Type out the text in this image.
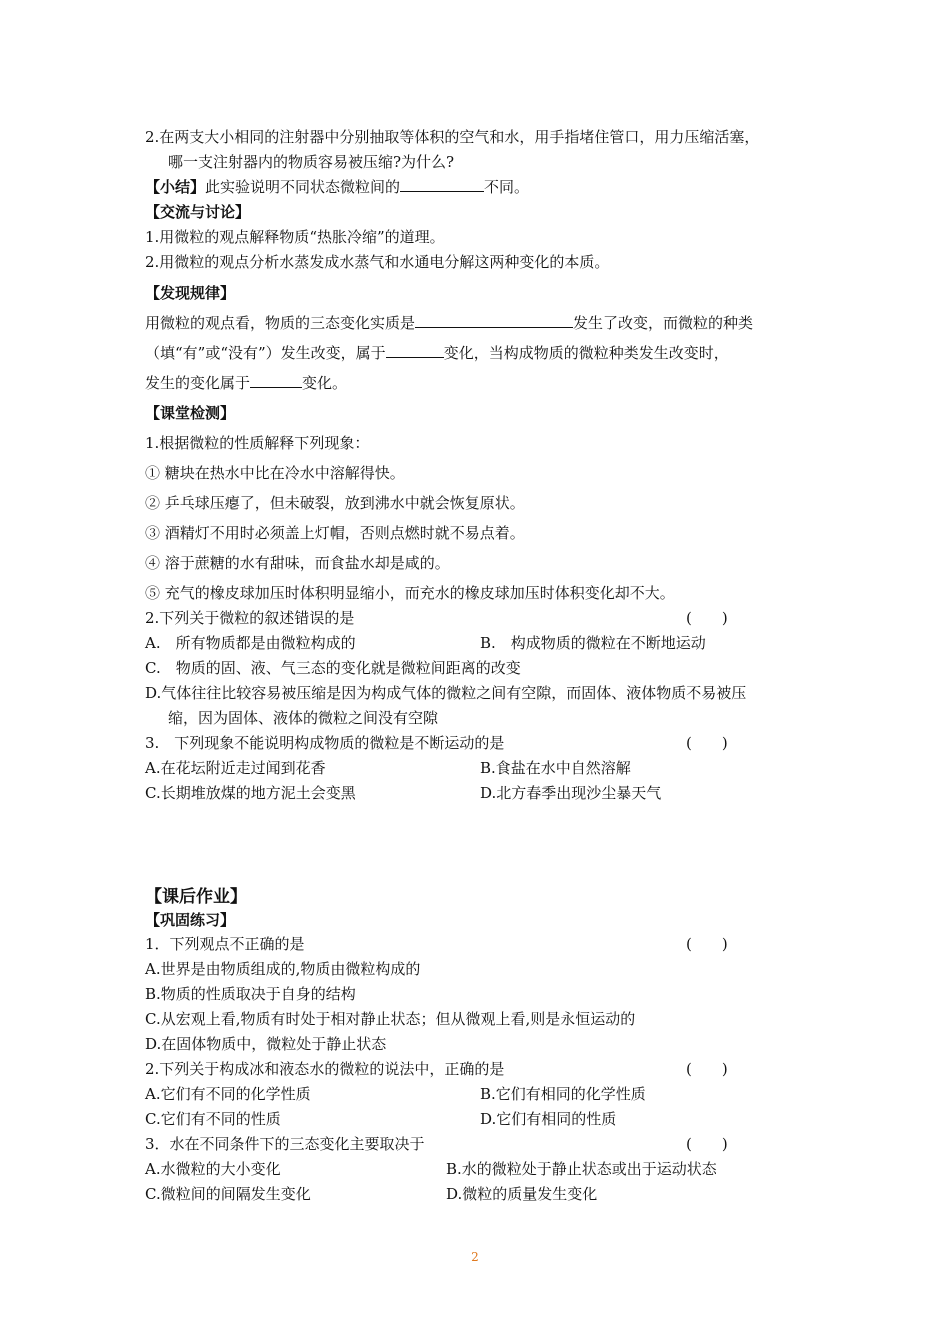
2.在两支大小相同的注射器中分别抽取等体积的空气和水，用手指堵住管口，用力压缩活塞，
哪一支注射器内的物质容易被压缩?为什么?
【小结】此实验说明不同状态微粒间的	不同。
【交流与讨论】
1.用微粒的观点解释物质“热胀冷缩”的道理。
2.用微粒的观点分析水蒸发成水蒸气和水通电分解这两种变化的本质。
【发现规律】
用微粒的观点看，物质的三态变化实质是	发生了改变，而微粒的种类
（填“有”或“没有”）发生改变，属于	变化，当构成物质的微粒种类发生改变时，
发生的变化属于	变化。
【课堂检测】
1.根据微粒的性质解释下列现象：
① 糖块在热水中比在冷水中溶解得快。
② 乒乓球压瘪了，但未破裂，放到沸水中就会恢复原状。
③ 酒精灯不用时必须盖上灯帽，否则点燃时就不易点着。
④ 溶于蔗糖的水有甜味，而食盐水却是咸的。
⑤ 充气的橡皮球加压时体积明显缩小，而充水的橡皮球加压时体积变化却不大。
2.下列关于微粒的叙述错误的是	(　　)
A.　所有物质都是由微粒构成的	B.　构成物质的微粒在不断地运动
C.　物质的固、液、气三态的变化就是微粒间距离的改变
D.气体往往比较容易被压缩是因为构成气体的微粒之间有空隙，而固体、液体物质不易被压
缩，因为固体、液体的微粒之间没有空隙
3.　下列现象不能说明构成物质的微粒是不断运动的是	(　　)
A.在花坛附近走过闻到花香	B.食盐在水中自然溶解
C.长期堆放煤的地方泥土会变黑	D.北方春季出现沙尘暴天气
【课后作业】
【巩固练习】
1．下列观点不正确的是	(　　)
A.世界是由物质组成的,物质由微粒构成的
B.物质的性质取决于自身的结构
C.从宏观上看,物质有时处于相对静止状态；但从微观上看,则是永恒运动的
D.在固体物质中，微粒处于静止状态
2.下列关于构成冰和液态水的微粒的说法中，正确的是	(　　)
A.它们有不同的化学性质	B.它们有相同的化学性质
C.它们有不同的性质	D.它们有相同的性质
3．水在不同条件下的三态变化主要取决于	(　　)
A.水微粒的大小变化	B.水的微粒处于静止状态或出于运动状态
C.微粒间的间隔发生变化	D.微粒的质量发生变化
2
